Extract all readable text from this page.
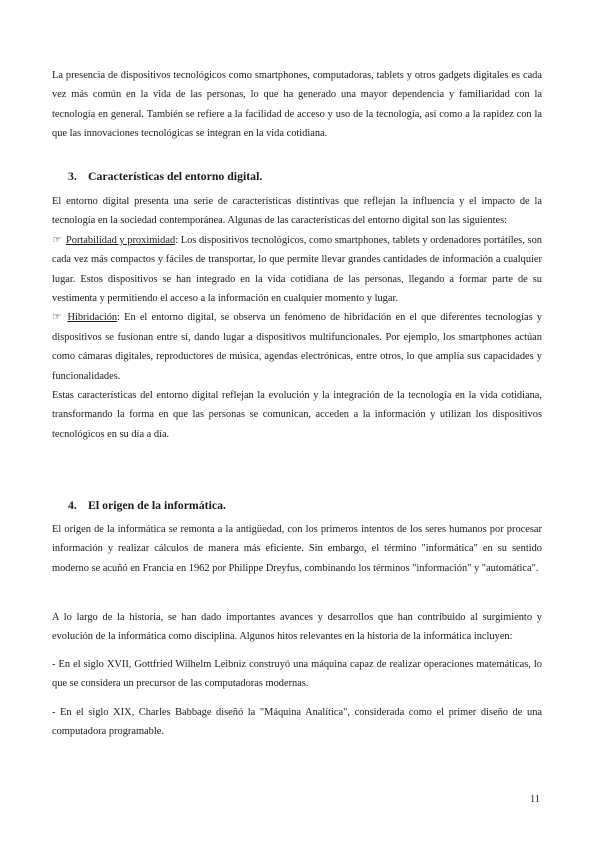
La presencia de dispositivos tecnológicos como smartphones, computadoras, tablets y otros gadgets digitales es cada vez más común en la vida de las personas, lo que ha generado una mayor dependencia y familiaridad con la tecnología en general. También se refiere a la facilidad de acceso y uso de la tecnología, así como a la rapidez con la que las innovaciones tecnológicas se integran en la vida cotidiana.

3. Características del entorno digital.
El entorno digital presenta una serie de características distintivas que reflejan la influencia y el impacto de la tecnología en la sociedad contemporánea. Algunas de las características del entorno digital son las siguientes:
☞ Portabilidad y proximidad: Los dispositivos tecnológicos, como smartphones, tablets y ordenadores portátiles, son cada vez más compactos y fáciles de transportar, lo que permite llevar grandes cantidades de información a cualquier lugar. Estos dispositivos se han integrado en la vida cotidiana de las personas, llegando a formar parte de su vestimenta y permitiendo el acceso a la información en cualquier momento y lugar.
☞ Hibridación: En el entorno digital, se observa un fenómeno de hibridación en el que diferentes tecnologías y dispositivos se fusionan entre sí, dando lugar a dispositivos multifuncionales. Por ejemplo, los smartphones actúan como cámaras digitales, reproductores de música, agendas electrónicas, entre otros, lo que amplía sus capacidades y funcionalidades.
Estas características del entorno digital reflejan la evolución y la integración de la tecnología en la vida cotidiana, transformando la forma en que las personas se comunican, acceden a la información y utilizan los dispositivos tecnológicos en su día a día.
4. El origen de la informática.

El origen de la informática se remonta a la antigüedad, con los primeros intentos de los seres humanos por procesar información y realizar cálculos de manera más eficiente. Sin embargo, el término "informática" en su sentido moderno se acuñó en Francia en 1962 por Philippe Dreyfus, combinando los términos "información" y "automática".

A lo largo de la historia, se han dado importantes avances y desarrollos que han contribuido al surgimiento y evolución de la informática como disciplina. Algunos hitos relevantes en la historia de la informática incluyen:

- En el siglo XVII, Gottfried Wilhelm Leibniz construyó una máquina capaz de realizar operaciones matemáticas, lo que se considera un precursor de las computadoras modernas.

- En el siglo XIX, Charles Babbage diseñó la "Máquina Analítica", considerada como el primer diseño de una computadora programable.

11
